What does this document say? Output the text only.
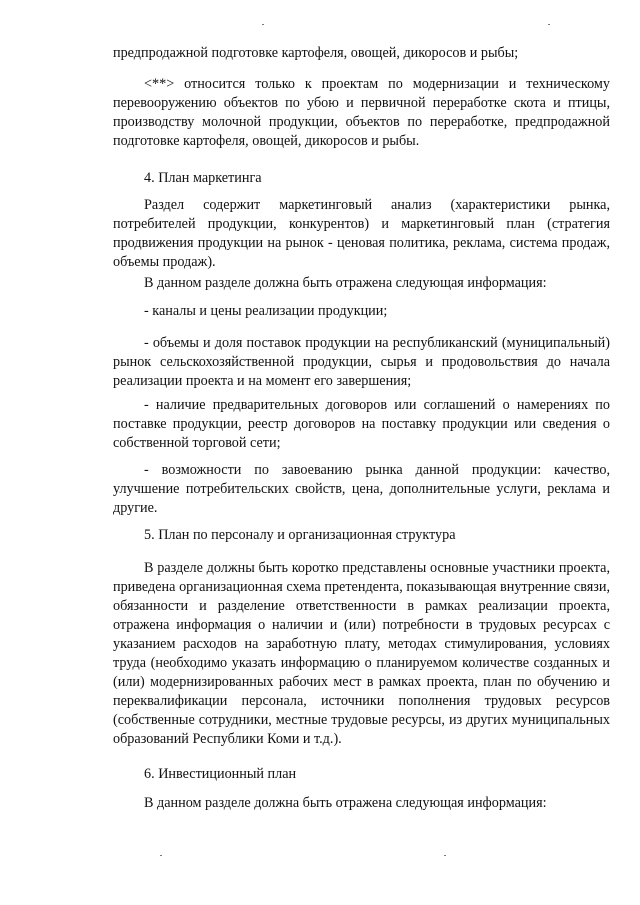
предпродажной подготовке картофеля, овощей, дикоросов и рыбы;

<**> относится только к проектам по модернизации и техническому перевооружению объектов по убою и первичной переработке скота и птицы, производству молочной продукции, объектов по переработке, предпродажной подготовке картофеля, овощей, дикоросов и рыбы.

4. План маркетинга

Раздел содержит маркетинговый анализ (характеристики рынка, потребителей продукции, конкурентов) и маркетинговый план (стратегия продвижения продукции на рынок - ценовая политика, реклама, система продаж, объемы продаж).

В данном разделе должна быть отражена следующая информация:

- каналы и цены реализации продукции;

- объемы и доля поставок продукции на республиканский (муниципальный) рынок сельскохозяйственной продукции, сырья и продовольствия до начала реализации проекта и на момент его завершения;

- наличие предварительных договоров или соглашений о намерениях по поставке продукции, реестр договоров на поставку продукции или сведения о собственной торговой сети;

- возможности по завоеванию рынка данной продукции: качество, улучшение потребительских свойств, цена, дополнительные услуги, реклама и другие.

5. План по персоналу и организационная структура

В разделе должны быть коротко представлены основные участники проекта, приведена организационная схема претендента, показывающая внутренние связи, обязанности и разделение ответственности в рамках реализации проекта, отражена информация о наличии и (или) потребности в трудовых ресурсах с указанием расходов на заработную плату, методах стимулирования, условиях труда (необходимо указать информацию о планируемом количестве созданных и (или) модернизированных рабочих мест в рамках проекта, план по обучению и переквалификации персонала, источники пополнения трудовых ресурсов (собственные сотрудники, местные трудовые ресурсы, из других муниципальных образований Республики Коми и т.д.).

6. Инвестиционный план

В данном разделе должна быть отражена следующая информация:
